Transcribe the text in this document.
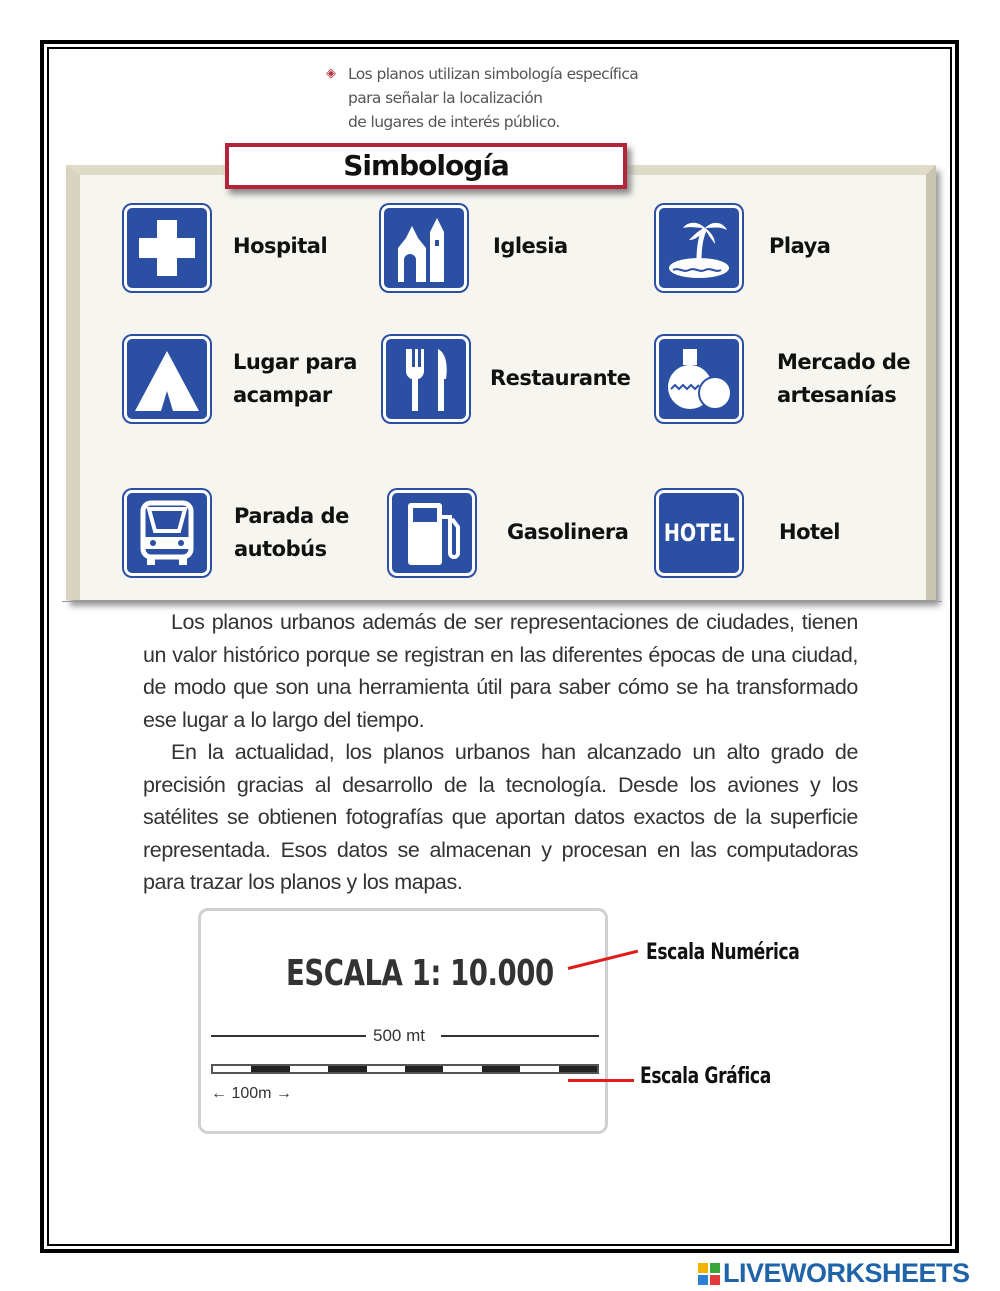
◈ Los planos utilizan simbología específica
para señalar la localización
de lugares de interés público.
Simbología
Hospital	Iglesia	Playa
Lugar para
acampar
Restaurante
Mercado de
artesanías
Parada de
autobús
Gasolinera HOTEL Hotel

Los planos urbanos además de ser representaciones de ciudades, tienen un valor histórico porque se registran en las diferentes épocas de una ciudad, de modo que son una herramienta útil para saber cómo se ha transformado ese lugar a lo largo del tiempo.

En la actualidad, los planos urbanos han alcanzado un alto grado de precisión gracias al desarrollo de la tecnología. Desde los aviones y los satélites se obtienen fotografías que aportan datos exactos de la superficie representada. Esos datos se almacenan y procesan en las computadoras para trazar los planos y los mapas.

ESCALA 1: 10.000
500 mt
← 100m →
Escala Numérica
Escala Gráfica
LIVEWORKSHEETS
